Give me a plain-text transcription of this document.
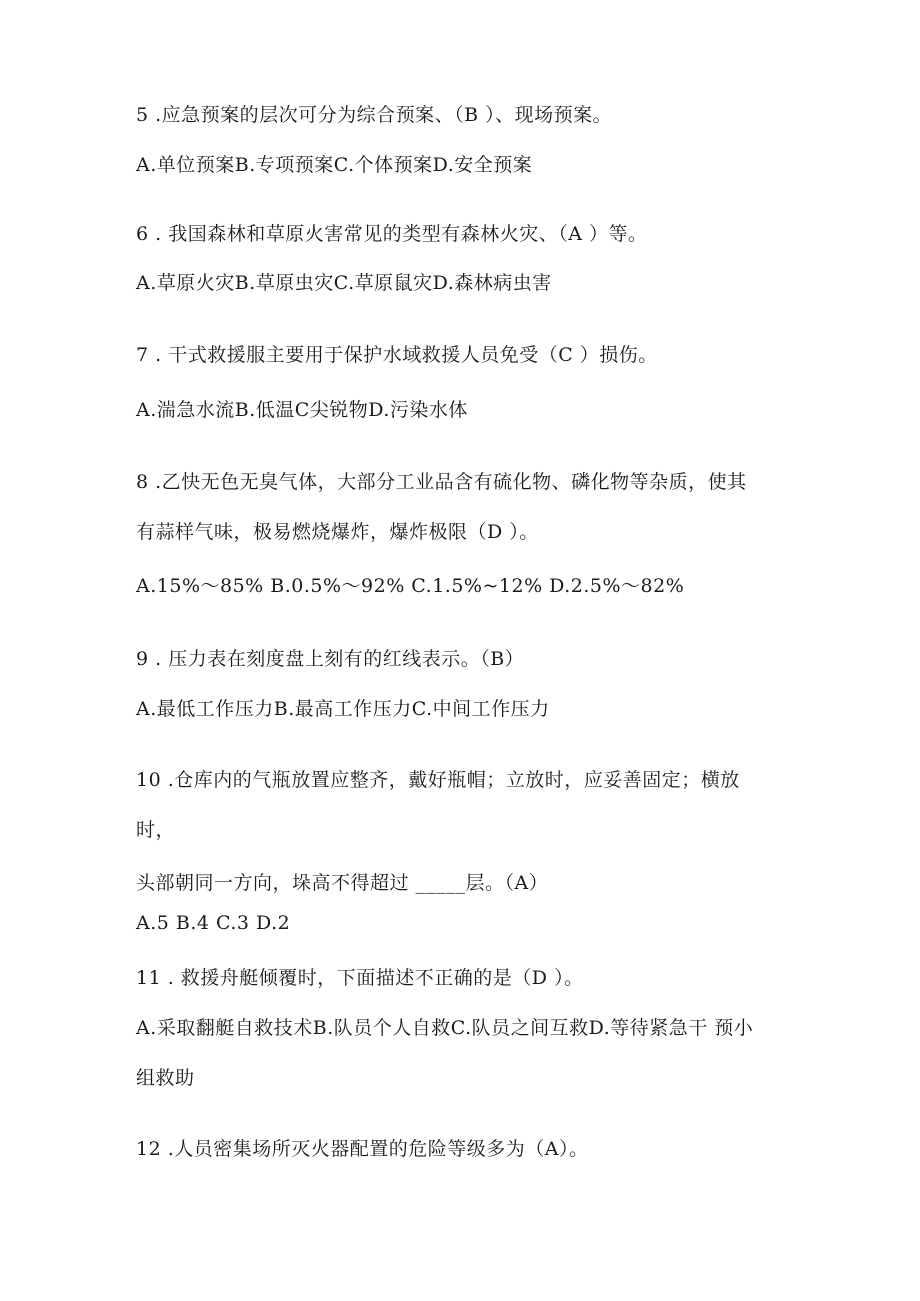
5 .应急预案的层次可分为综合预案、（B ）、现场预案。
A.单位预案B.专项预案C.个体预案D.安全预案
6 . 我国森林和草原火害常见的类型有森林火灾、（A ）等。
A.草原火灾B.草原虫灾C.草原鼠灾D.森林病虫害
7 . 干式救援服主要用于保护水域救援人员免受（C ）损伤。
A.湍急水流B.低温C尖锐物D.污染水体
8 .乙快无色无臭气体，大部分工业品含有硫化物、磷化物等杂质，使其
有蒜样气味，极易燃烧爆炸，爆炸极限（D ）。
A.15%～85% B.0.5%～92% C.1.5%~12% D.2.5%～82%
9 . 压力表在刻度盘上刻有的红线表示。（B）
A.最低工作压力B.最高工作压力C.中间工作压力
10 .仓库内的气瓶放置应整齐，戴好瓶帽；立放时，应妥善固定；横放
时，
头部朝同一方向，垛高不得超过 _____层。（A）
A.5 B.4 C.3 D.2
11 . 救援舟艇倾覆时，下面描述不正确的是（D ）。
A.采取翻艇自救技术B.队员个人自救C.队员之间互救D.等待紧急干 预小
组救助
12 .人员密集场所灭火器配置的危险等级多为（A）。
